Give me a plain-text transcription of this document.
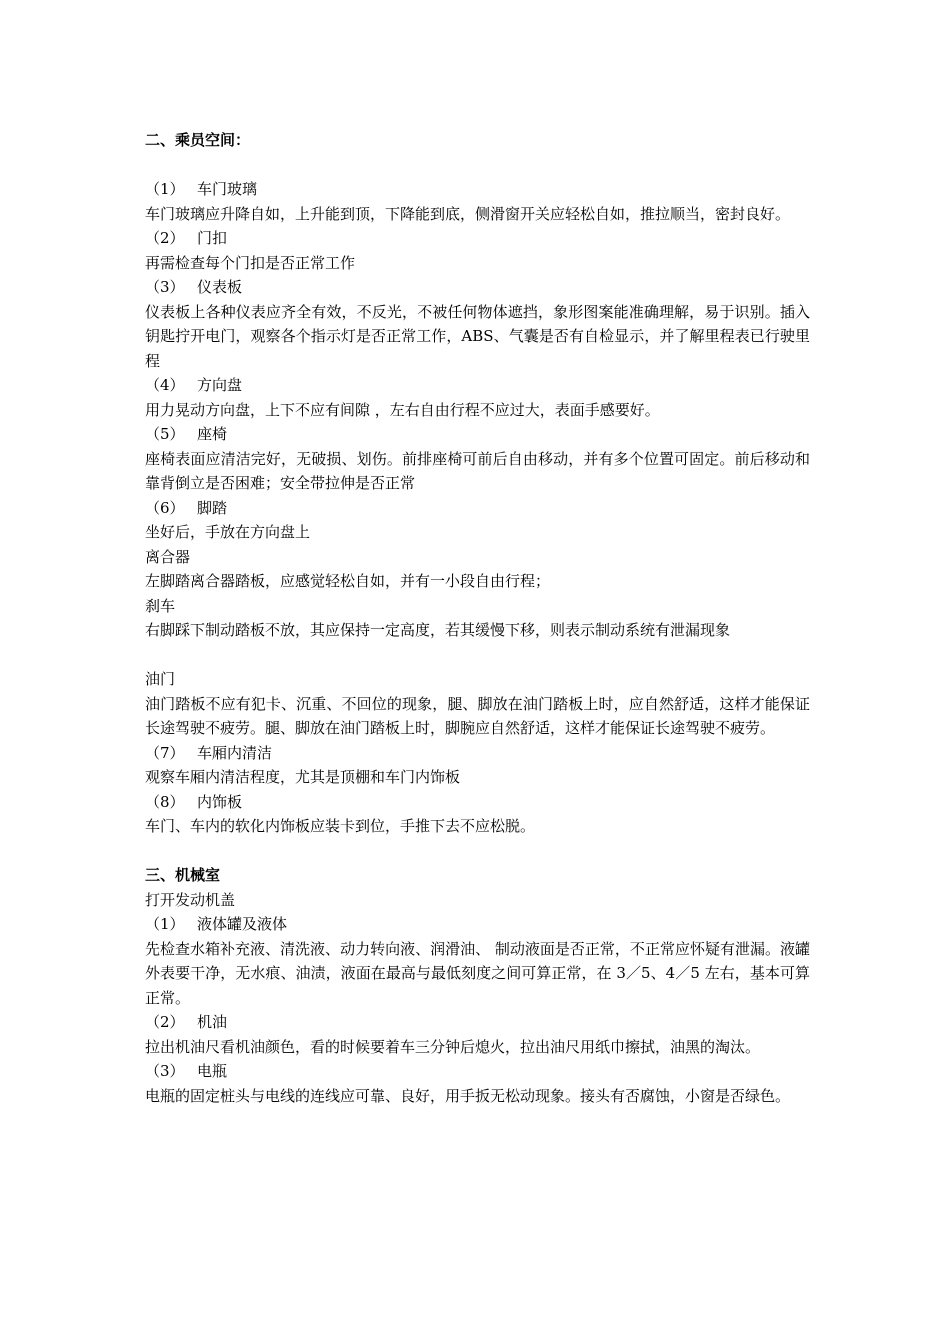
二、乘员空间：
（1） 车门玻璃
车门玻璃应升降自如，上升能到顶，下降能到底，侧滑窗开关应轻松自如，推拉顺当，密封良好。
（2） 门扣
再需检查每个门扣是否正常工作
（3） 仪表板
仪表板上各种仪表应齐全有效，不反光，不被任何物体遮挡，象形图案能准确理解，易于识别。插入钥匙拧开电门，观察各个指示灯是否正常工作，ABS、气囊是否有自检显示，并了解里程表已行驶里程
（4） 方向盘
用力晃动方向盘，上下不应有间隙 ，左右自由行程不应过大，表面手感要好。
（5） 座椅
座椅表面应清洁完好，无破损、划伤。前排座椅可前后自由移动，并有多个位置可固定。前后移动和靠背倒立是否困难；安全带拉伸是否正常
（6） 脚踏
坐好后，手放在方向盘上
离合器
左脚踏离合器踏板，应感觉轻松自如，并有一小段自由行程；
刹车
右脚踩下制动踏板不放，其应保持一定高度，若其缓慢下移，则表示制动系统有泄漏现象
油门
油门踏板不应有犯卡、沉重、不回位的现象，腿、脚放在油门踏板上时，应自然舒适，这样才能保证长途驾驶不疲劳。腿、脚放在油门踏板上时，脚腕应自然舒适，这样才能保证长途驾驶不疲劳。
（7） 车厢内清洁
观察车厢内清洁程度，尤其是顶棚和车门内饰板
（8） 内饰板
车门、车内的软化内饰板应装卡到位，手推下去不应松脱。
三、机械室
打开发动机盖
（1） 液体罐及液体
先检查水箱补充液、清洗液、动力转向液、润滑油、 制动液面是否正常，不正常应怀疑有泄漏。液罐外表要干净，无水痕、油渍，液面在最高与最低刻度之间可算正常，在 3／5、4／5 左右，基本可算正常。
（2） 机油
拉出机油尺看机油颜色，看的时候要着车三分钟后熄火，拉出油尺用纸巾擦拭，油黑的淘汰。
（3） 电瓶
电瓶的固定桩头与电线的连线应可靠、良好，用手扳无松动现象。接头有否腐蚀，小窗是否绿色。
